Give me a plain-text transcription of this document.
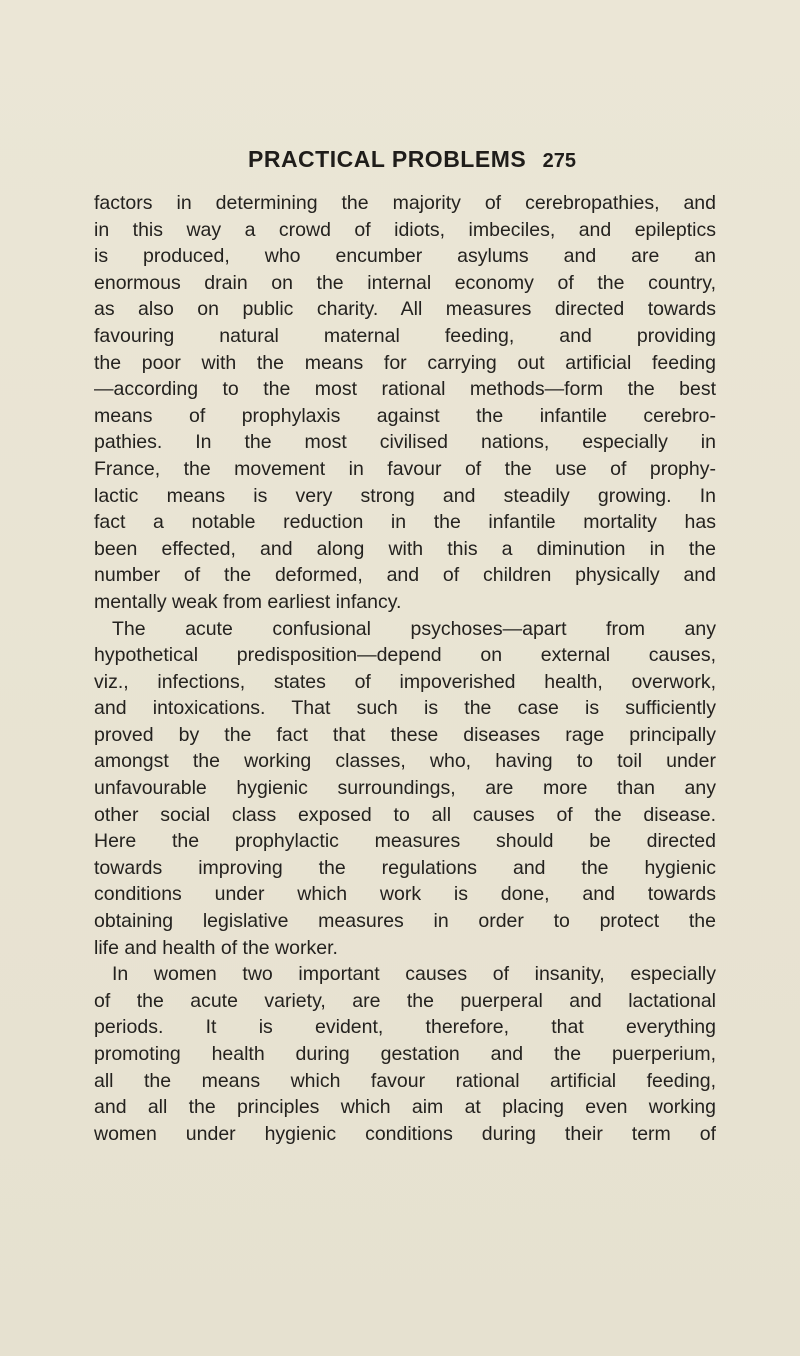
PRACTICAL PROBLEMS 275
factors in determining the majority of cerebropathies, and
in this way a crowd of idiots, imbeciles, and epileptics
is produced, who encumber asylums and are an
enormous drain on the internal economy of the country,
as also on public charity. All measures directed towards
favouring natural maternal feeding, and providing
the poor with the means for carrying out artificial feeding
—according to the most rational methods—form the best
means of prophylaxis against the infantile cerebro-
pathies. In the most civilised nations, especially in
France, the movement in favour of the use of prophy-
lactic means is very strong and steadily growing. In
fact a notable reduction in the infantile mortality has
been effected, and along with this a diminution in the
number of the deformed, and of children physically and
mentally weak from earliest infancy.
The acute confusional psychoses—apart from any
hypothetical predisposition—depend on external causes,
viz., infections, states of impoverished health, overwork,
and intoxications. That such is the case is sufficiently
proved by the fact that these diseases rage principally
amongst the working classes, who, having to toil under
unfavourable hygienic surroundings, are more than any
other social class exposed to all causes of the disease.
Here the prophylactic measures should be directed
towards improving the regulations and the hygienic
conditions under which work is done, and towards
obtaining legislative measures in order to protect the
life and health of the worker.
In women two important causes of insanity, especially
of the acute variety, are the puerperal and lactational
periods. It is evident, therefore, that everything
promoting health during gestation and the puerperium,
all the means which favour rational artificial feeding,
and all the principles which aim at placing even working
women under hygienic conditions during their term of
